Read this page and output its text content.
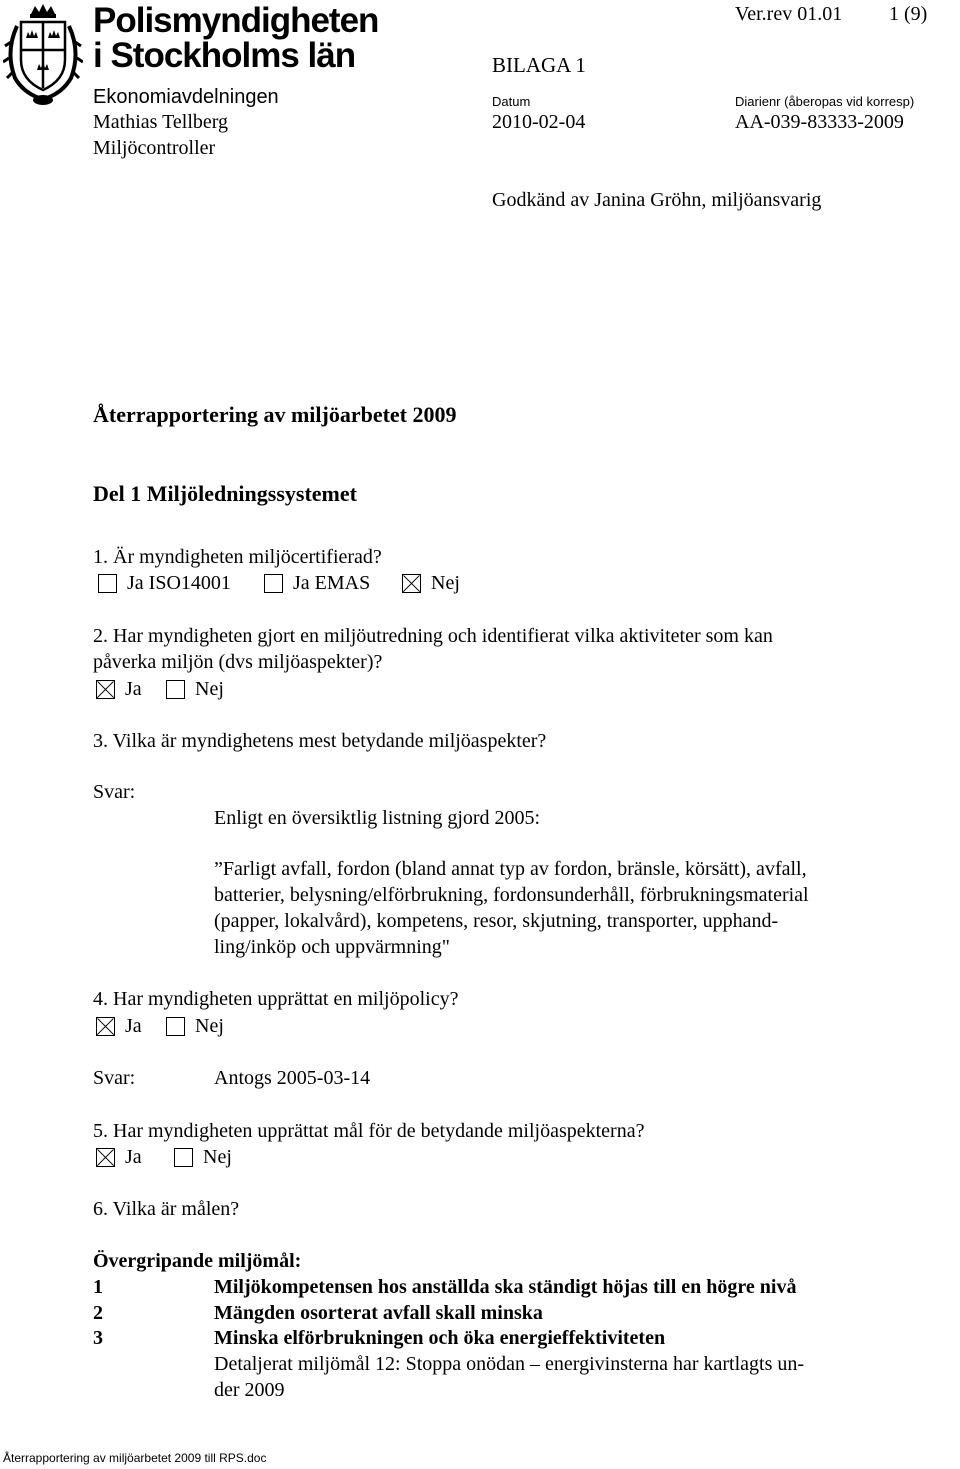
Polismyndigheten
i Stockholms län
Ekonomiavdelningen
Mathias Tellberg
Miljöcontroller
Ver.rev 01.01 1 (9)
BILAGA 1
Datum	Diarienr (åberopas vid korresp)
2010-02-04	AA-039-83333-2009
Godkänd av Janina Gröhn, miljöansvarig
Återrapportering av miljöarbetet 2009
Del 1 Miljöledningssystemet
1. Är myndigheten miljöcertifierad?
Ja ISO14001	Ja EMAS	Nej
2. Har myndigheten gjort en miljöutredning och identifierat vilka aktiviteter som kan
påverka miljön (dvs miljöaspekter)?
Ja	Nej
3. Vilka är myndighetens mest betydande miljöaspekter?
Svar:
Enligt en översiktlig listning gjord 2005:
”Farligt avfall, fordon (bland annat typ av fordon, bränsle, körsätt), avfall,
batterier, belysning/elförbrukning, fordonsunderhåll, förbrukningsmaterial
(papper, lokalvård), kompetens, resor, skjutning, transporter, upphand-
ling/inköp och uppvärmning"
4. Har myndigheten upprättat en miljöpolicy?
Ja	Nej
Svar:	Antogs 2005-03-14
5. Har myndigheten upprättat mål för de betydande miljöaspekterna?
Ja	Nej
6. Vilka är målen?
Övergripande miljömål:
1	Miljökompetensen hos anställda ska ständigt höjas till en högre nivå
2	Mängden osorterat avfall skall minska
3	Minska elförbrukningen och öka energieffektiviteten
Detaljerat miljömål 12: Stoppa onödan – energivinsterna har kartlagts un-
der 2009
Återrapportering av miljöarbetet 2009 till RPS.doc
